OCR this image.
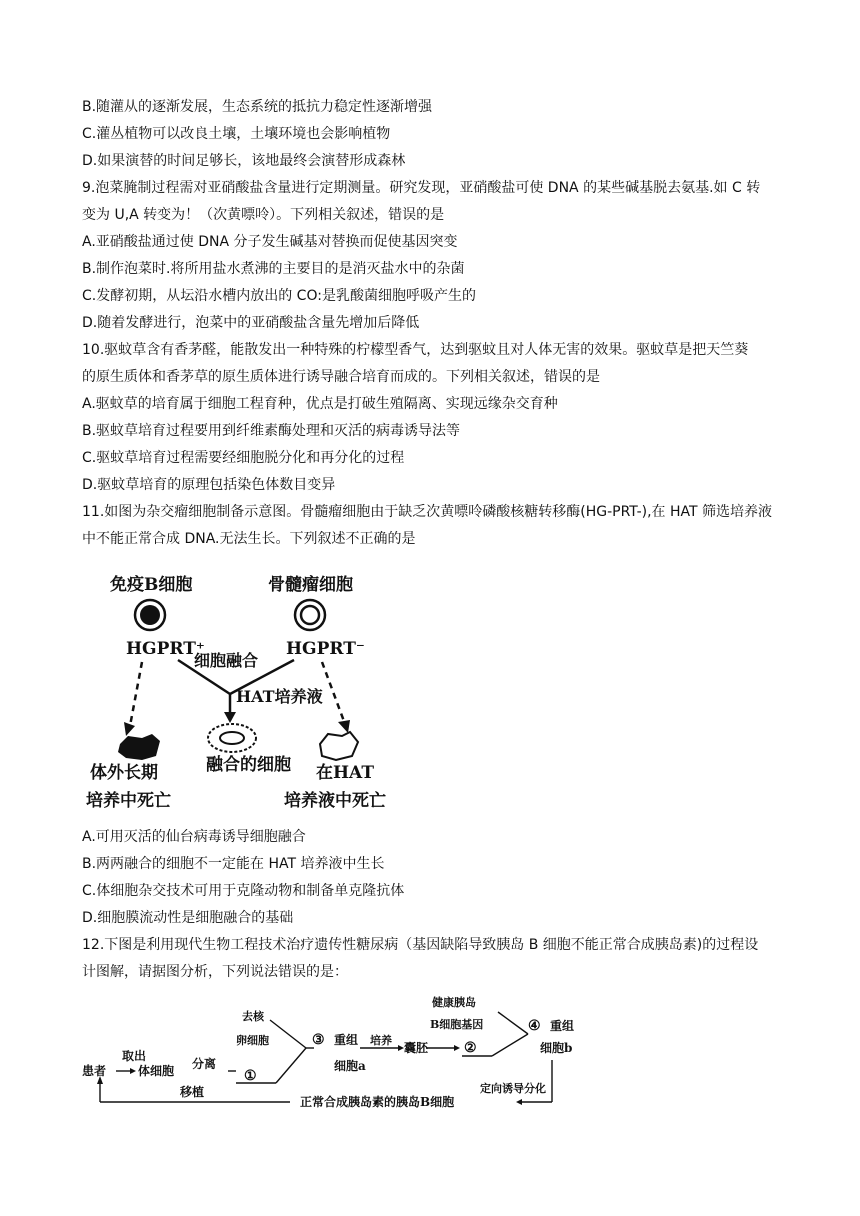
B.随灌从的逐渐发展，生态系统的抵抗力稳定性逐渐增强
C.灌丛植物可以改良土壤，土壤环境也会影响植物
D.如果演替的时间足够长，该地最终会演替形成森林
9.泡菜腌制过程需对亚硝酸盐含量进行定期测量。研究发现，亚硝酸盐可使 DNA 的某些碱基脱去氨基.如 C 转
变为 U,A 转变为！（次黄嘌呤）。下列相关叙述，错误的是
A.亚硝酸盐通过使 DNA 分子发生碱基对替换而促使基因突变
B.制作泡菜时.将所用盐水煮沸的主要目的是消灭盐水中的杂菌
C.发酵初期，从坛沿水槽内放出的 CO:是乳酸菌细胞呼吸产生的
D.随着发酵进行，泡菜中的亚硝酸盐含量先增加后降低
10.驱蚊草含有香茅醛，能散发出一种特殊的柠檬型香气，达到驱蚊且对人体无害的效果。驱蚊草是把天竺葵
的原生质体和香茅草的原生质体进行诱导融合培育而成的。下列相关叙述，错误的是
A.驱蚊草的培育属于细胞工程育种，优点是打破生殖隔离、实现远缘杂交育种
B.驱蚊草培育过程要用到纤维素酶处理和灭活的病毒诱导法等
C.驱蚊草培育过程需要经细胞脱分化和再分化的过程
D.驱蚊草培育的原理包括染色体数目变异
11.如图为杂交瘤细胞制备示意图。骨髓瘤细胞由于缺乏次黄嘌呤磷酸核糖转移酶(HG-PRT-),在 HAT 筛选培养液
中不能正常合成 DNA.无法生长。下列叙述不正确的是
免疫B细胞	骨髓瘤细胞
HGPRT⁺	HGPRT⁻
细胞融合
HAT培养液
体外长期	融合的细胞 在HAT
培养中死亡	培养液中死亡
A.可用灭活的仙台病毒诱导细胞融合
B.两两融合的细胞不一定能在 HAT 培养液中生长
C.体细胞杂交技术可用于克隆动物和制备单克隆抗体
D.细胞膜流动性是细胞融合的基础
12.下图是利用现代生物工程技术治疗遗传性糖尿病（基因缺陷导致胰岛 B 细胞不能正常合成胰岛素)的过程设
计图解，请据图分析，下列说法错误的是：
患者
取出
体细胞 分离
①
去核
卵细胞	③ 重组
细胞a
培养
囊胚	②
健康胰岛
B细胞基因	④ 重组
细胞b
定向诱导分化
正常合成胰岛素的胰岛B细胞
移植
